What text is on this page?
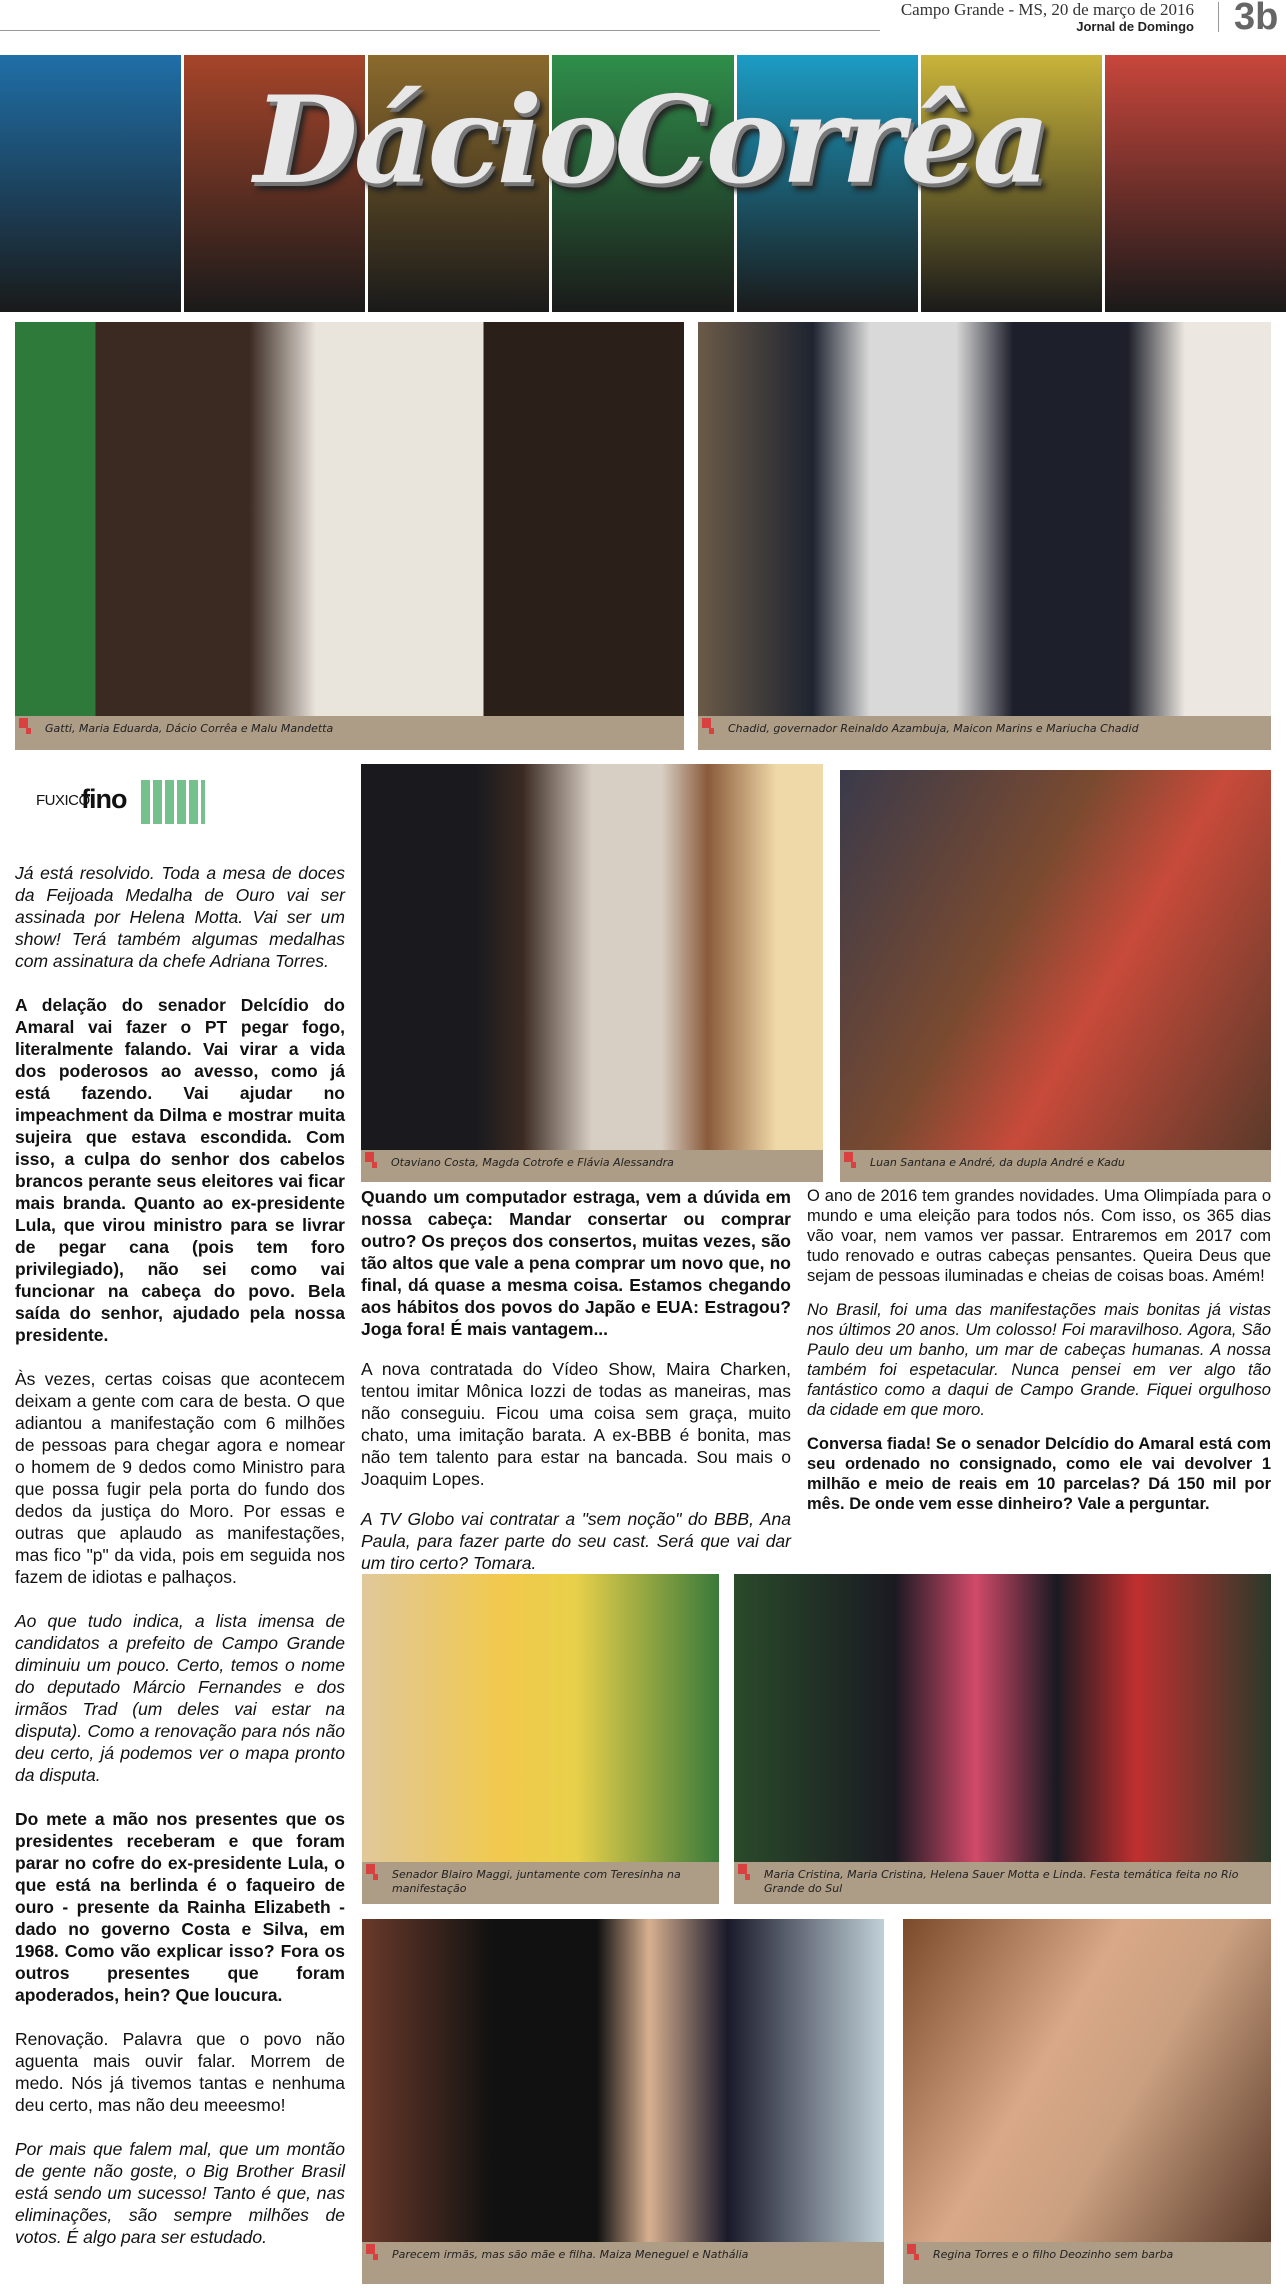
Campo Grande - MS, 20 de março de 2016
Jornal de Domingo 3b
DácioCorrêa
Gatti, Maria Eduarda, Dácio Corrêa e Malu Mandetta	Chadid, governador Reinaldo Azambuja, Maicon Marins e Mariucha Chadid
FUXICO
fino

Já está resolvido. Toda a mesa de doces da Feijoada Medalha de Ouro vai ser assinada por Helena Motta. Vai ser um show! Terá também algumas medalhas com assinatura da chefe Adriana Torres.

A delação do senador Delcídio do Amaral vai fazer o PT pegar fogo, literalmente falando. Vai virar a vida dos poderosos ao avesso, como já está fazendo. Vai ajudar no impeachment da Dilma e mostrar muita sujeira que estava escondida. Com isso, a culpa do senhor dos cabelos brancos perante seus eleitores vai ficar mais branda. Quanto ao ex-presidente Lula, que virou ministro para se livrar de pegar cana (pois tem foro privilegiado), não sei como vai funcionar na cabeça do povo. Bela saída do senhor, ajudado pela nossa presidente.

Às vezes, certas coisas que acontecem deixam a gente com cara de besta. O que adiantou a manifestação com 6 milhões de pessoas para chegar agora e nomear o homem de 9 dedos como Ministro para que possa fugir pela porta do fundo dos dedos da justiça do Moro. Por essas e outras que aplaudo as manifestações, mas fico "p" da vida, pois em seguida nos fazem de idiotas e palhaços.

Ao que tudo indica, a lista imensa de candidatos a prefeito de Campo Grande diminuiu um pouco. Certo, temos o nome do deputado Márcio Fernandes e dos irmãos Trad (um deles vai estar na disputa). Como a renovação para nós não deu certo, já podemos ver o mapa pronto da disputa.

Do mete a mão nos presentes que os presidentes receberam e que foram parar no cofre do ex-presidente Lula, o que está na berlinda é o faqueiro de ouro - presente da Rainha Elizabeth - dado no governo Costa e Silva, em 1968. Como vão explicar isso? Fora os outros presentes que foram apoderados, hein? Que loucura.

Renovação. Palavra que o povo não aguenta mais ouvir falar. Morrem de medo. Nós já tivemos tantas e nenhuma deu certo, mas não deu meeesmo!

Por mais que falem mal, que um montão de gente não goste, o Big Brother Brasil está sendo um sucesso! Tanto é que, nas eliminações, são sempre milhões de votos. É algo para ser estudado.

Otaviano Costa, Magda Cotrofe e Flávia Alessandra	Luan Santana e André, da dupla André e Kadu

Quando um computador estraga, vem a dúvida em nossa cabeça: Mandar consertar ou comprar outro? Os preços dos consertos, muitas vezes, são tão altos que vale a pena comprar um novo que, no final, dá quase a mesma coisa. Estamos chegando aos hábitos dos povos do Japão e EUA: Estragou? Joga fora! É mais vantagem...

A nova contratada do Vídeo Show, Maira Charken, tentou imitar Mônica Iozzi de todas as maneiras, mas não conseguiu. Ficou uma coisa sem graça, muito chato, uma imitação barata. A ex-BBB é bonita, mas não tem talento para estar na bancada. Sou mais o Joaquim Lopes.

A TV Globo vai contratar a "sem noção" do BBB, Ana Paula, para fazer parte do seu cast. Será que vai dar um tiro certo? Tomara.

O ano de 2016 tem grandes novidades. Uma Olimpíada para o mundo e uma eleição para todos nós. Com isso, os 365 dias vão voar, nem vamos ver passar. Entraremos em 2017 com tudo renovado e outras cabeças pensantes. Queira Deus que sejam de pessoas iluminadas e cheias de coisas boas. Amém!

No Brasil, foi uma das manifestações mais bonitas já vistas nos últimos 20 anos. Um colosso! Foi maravilhoso. Agora, São Paulo deu um banho, um mar de cabeças humanas. A nossa também foi espetacular. Nunca pensei em ver algo tão fantástico como a daqui de Campo Grande. Fiquei orgulhoso da cidade em que moro.

Conversa fiada! Se o senador Delcídio do Amaral está com seu ordenado no consignado, como ele vai devolver 1 milhão e meio de reais em 10 parcelas? Dá 150 mil por mês. De onde vem esse dinheiro? Vale a perguntar.

Senador Blairo Maggi, juntamente com Teresinha na manifestação
Maria Cristina, Maria Cristina, Helena Sauer Motta e Linda. Festa temática feita no Rio Grande do Sul
Parecem irmãs, mas são mãe e filha. Maiza Meneguel e Nathália	Regina Torres e o filho Deozinho sem barba
